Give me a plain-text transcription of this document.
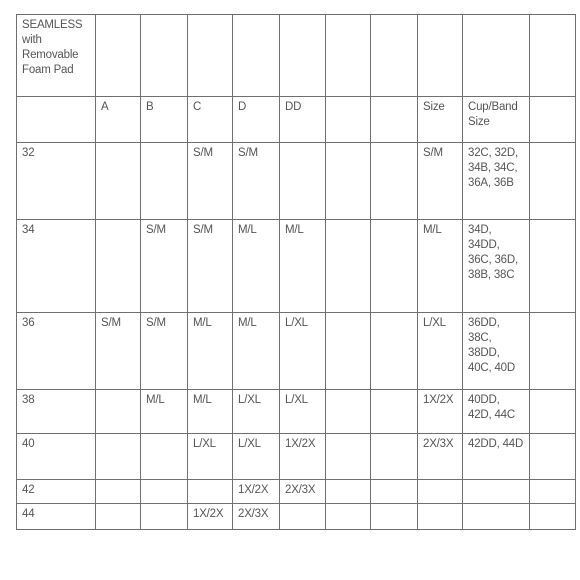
SEAMLESS with Removable Foam Pad										
	A	B	C	D	DD			Size	Cup/Band Size	
32			S/M	S/M				S/M	32C, 32D, 34B, 34C, 36A, 36B	
34		S/M	S/M	M/L	M/L			M/L	34D, 34DD, 36C, 36D, 38B, 38C	
36	S/M	S/M	M/L	M/L	L/XL			L/XL	36DD, 38C, 38DD, 40C, 40D	
38		M/L	M/L	L/XL	L/XL			1X/2X	40DD, 42D, 44C	
40			L/XL	L/XL	1X/2X			2X/3X	42DD, 44D	
42				1X/2X	2X/3X					
44			1X/2X	2X/3X						
